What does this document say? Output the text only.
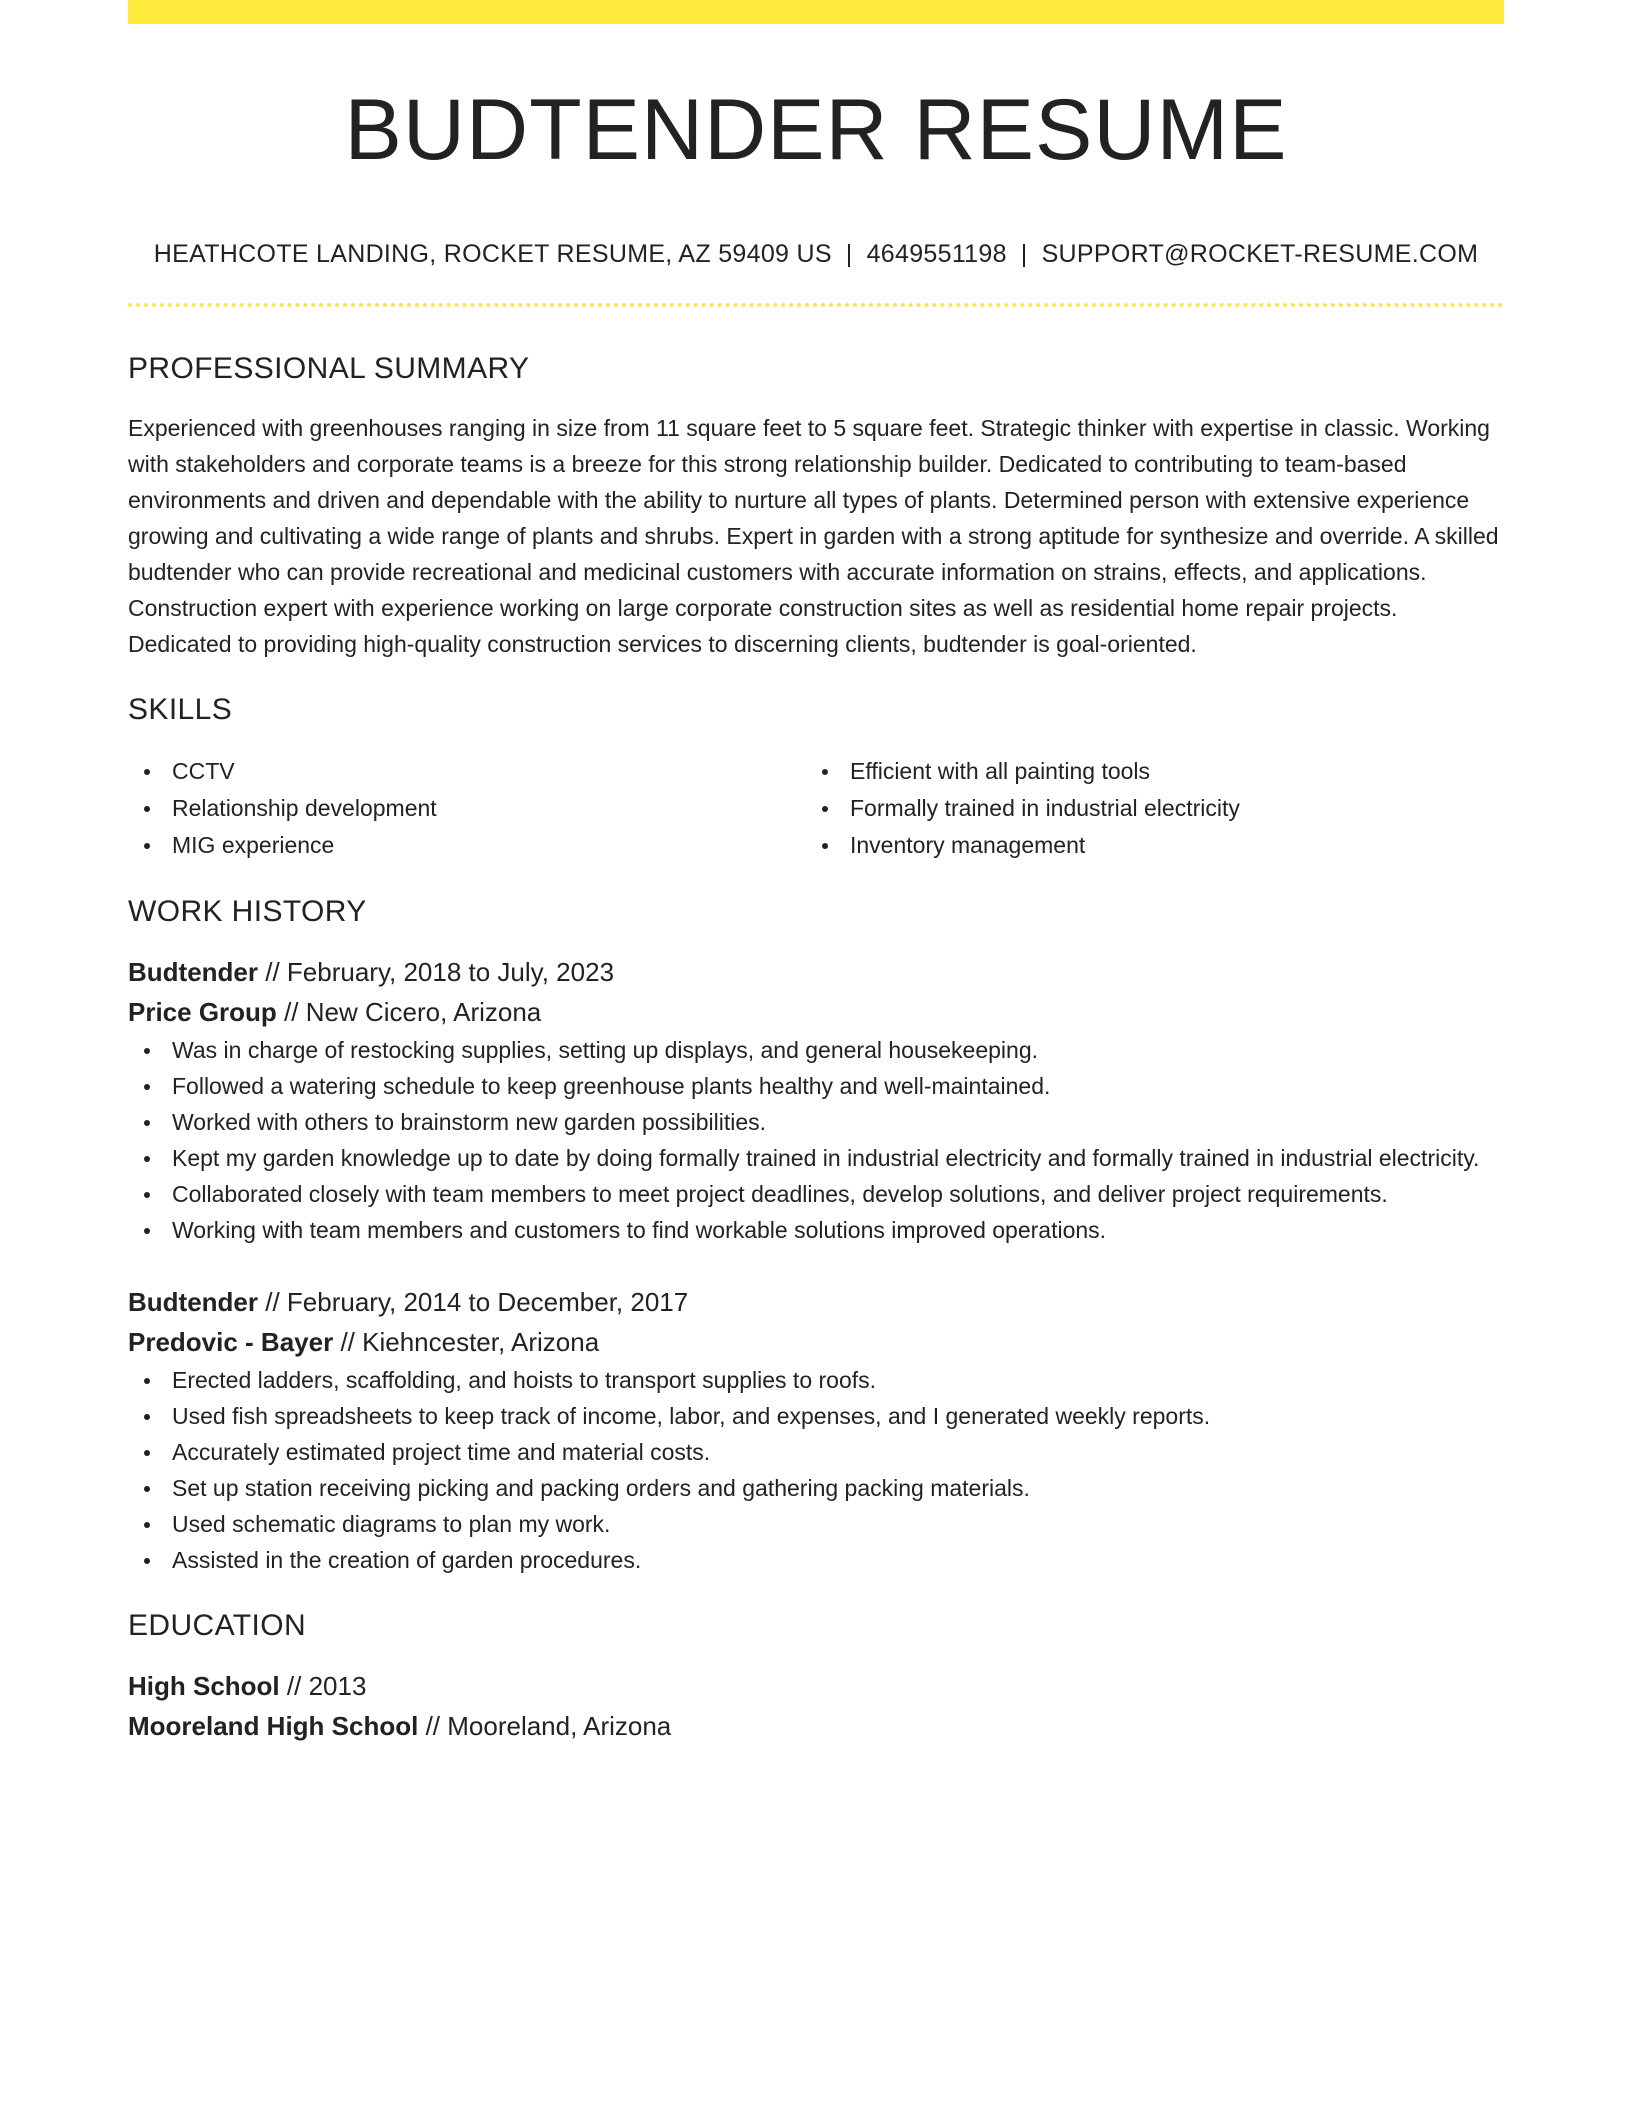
BUDTENDER RESUME
HEATHCOTE LANDING, ROCKET RESUME, AZ 59409 US | 4649551198 | SUPPORT@ROCKET-RESUME.COM
PROFESSIONAL SUMMARY

Experienced with greenhouses ranging in size from 11 square feet to 5 square feet. Strategic thinker with expertise in classic. Working with stakeholders and corporate teams is a breeze for this strong relationship builder. Dedicated to contributing to team-based environments and driven and dependable with the ability to nurture all types of plants. Determined person with extensive experience growing and cultivating a wide range of plants and shrubs. Expert in garden with a strong aptitude for synthesize and override. A skilled budtender who can provide recreational and medicinal customers with accurate information on strains, effects, and applications. Construction expert with experience working on large corporate construction sites as well as residential home repair projects. Dedicated to providing high-quality construction services to discerning clients, budtender is goal-oriented.

SKILLS
CCTV
Relationship development
MIG experience
Efficient with all painting tools
Formally trained in industrial electricity
Inventory management
WORK HISTORY
Budtender // February, 2018 to July, 2023
Price Group // New Cicero, Arizona
Was in charge of restocking supplies, setting up displays, and general housekeeping.
Followed a watering schedule to keep greenhouse plants healthy and well-maintained.
Worked with others to brainstorm new garden possibilities.
Kept my garden knowledge up to date by doing formally trained in industrial electricity and formally trained in industrial electricity.
Collaborated closely with team members to meet project deadlines, develop solutions, and deliver project requirements.
Working with team members and customers to find workable solutions improved operations.
Budtender // February, 2014 to December, 2017
Predovic - Bayer // Kiehncester, Arizona
Erected ladders, scaffolding, and hoists to transport supplies to roofs.
Used fish spreadsheets to keep track of income, labor, and expenses, and I generated weekly reports.
Accurately estimated project time and material costs.
Set up station receiving picking and packing orders and gathering packing materials.
Used schematic diagrams to plan my work.
Assisted in the creation of garden procedures.
EDUCATION
High School // 2013
Mooreland High School // Mooreland, Arizona
